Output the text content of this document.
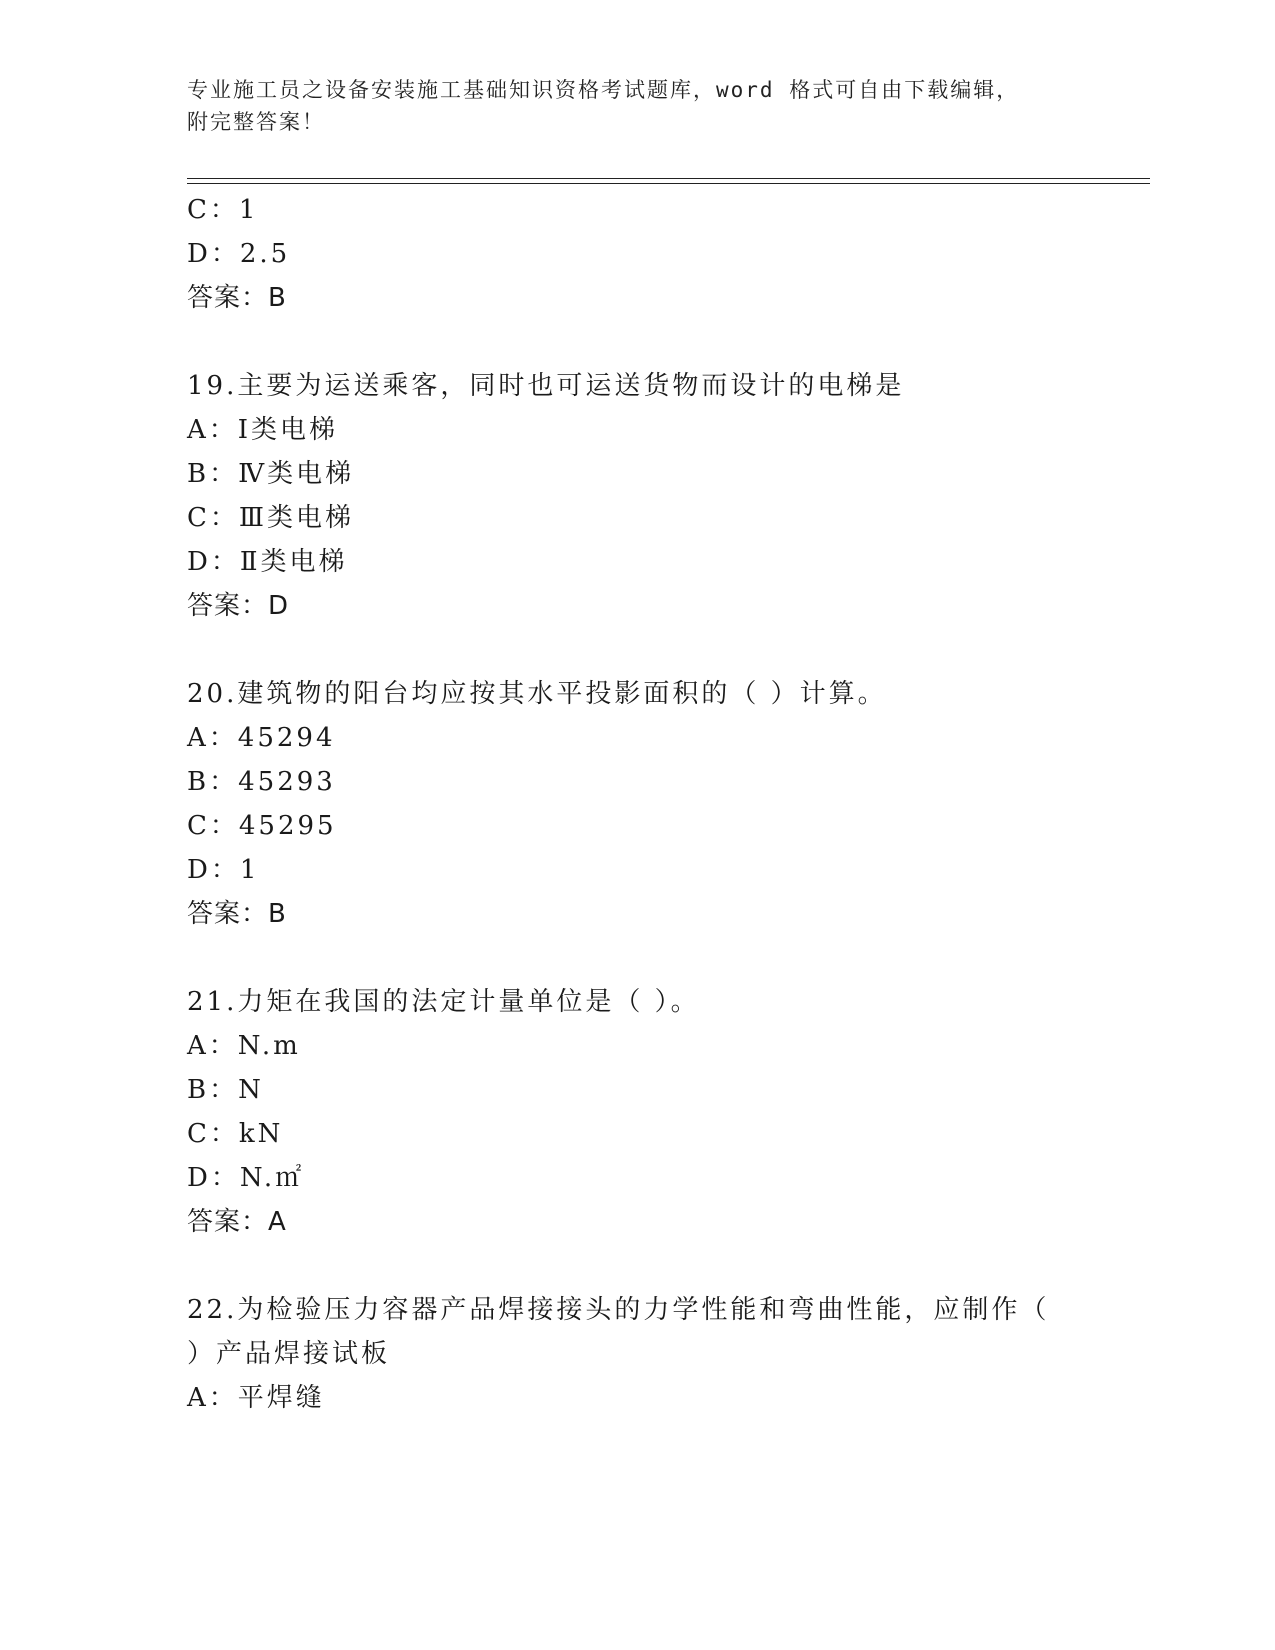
专业施工员之设备安装施工基础知识资格考试题库，word 格式可自由下载编辑，
附完整答案！
C：1
D：2.5
答案：B
19.主要为运送乘客，同时也可运送货物而设计的电梯是
A：Ⅰ类电梯
B：Ⅳ类电梯
C：Ⅲ类电梯
D：Ⅱ类电梯
答案：D
20.建筑物的阳台均应按其水平投影面积的（ ）计算。
A：45294
B：45293
C：45295
D：1
答案：B
21.力矩在我国的法定计量单位是（ ）。
A：N.m
B：N
C：kN
D：N.㎡
答案：A
22.为检验压力容器产品焊接接头的力学性能和弯曲性能，应制作（
）产品焊接试板
A：平焊缝
